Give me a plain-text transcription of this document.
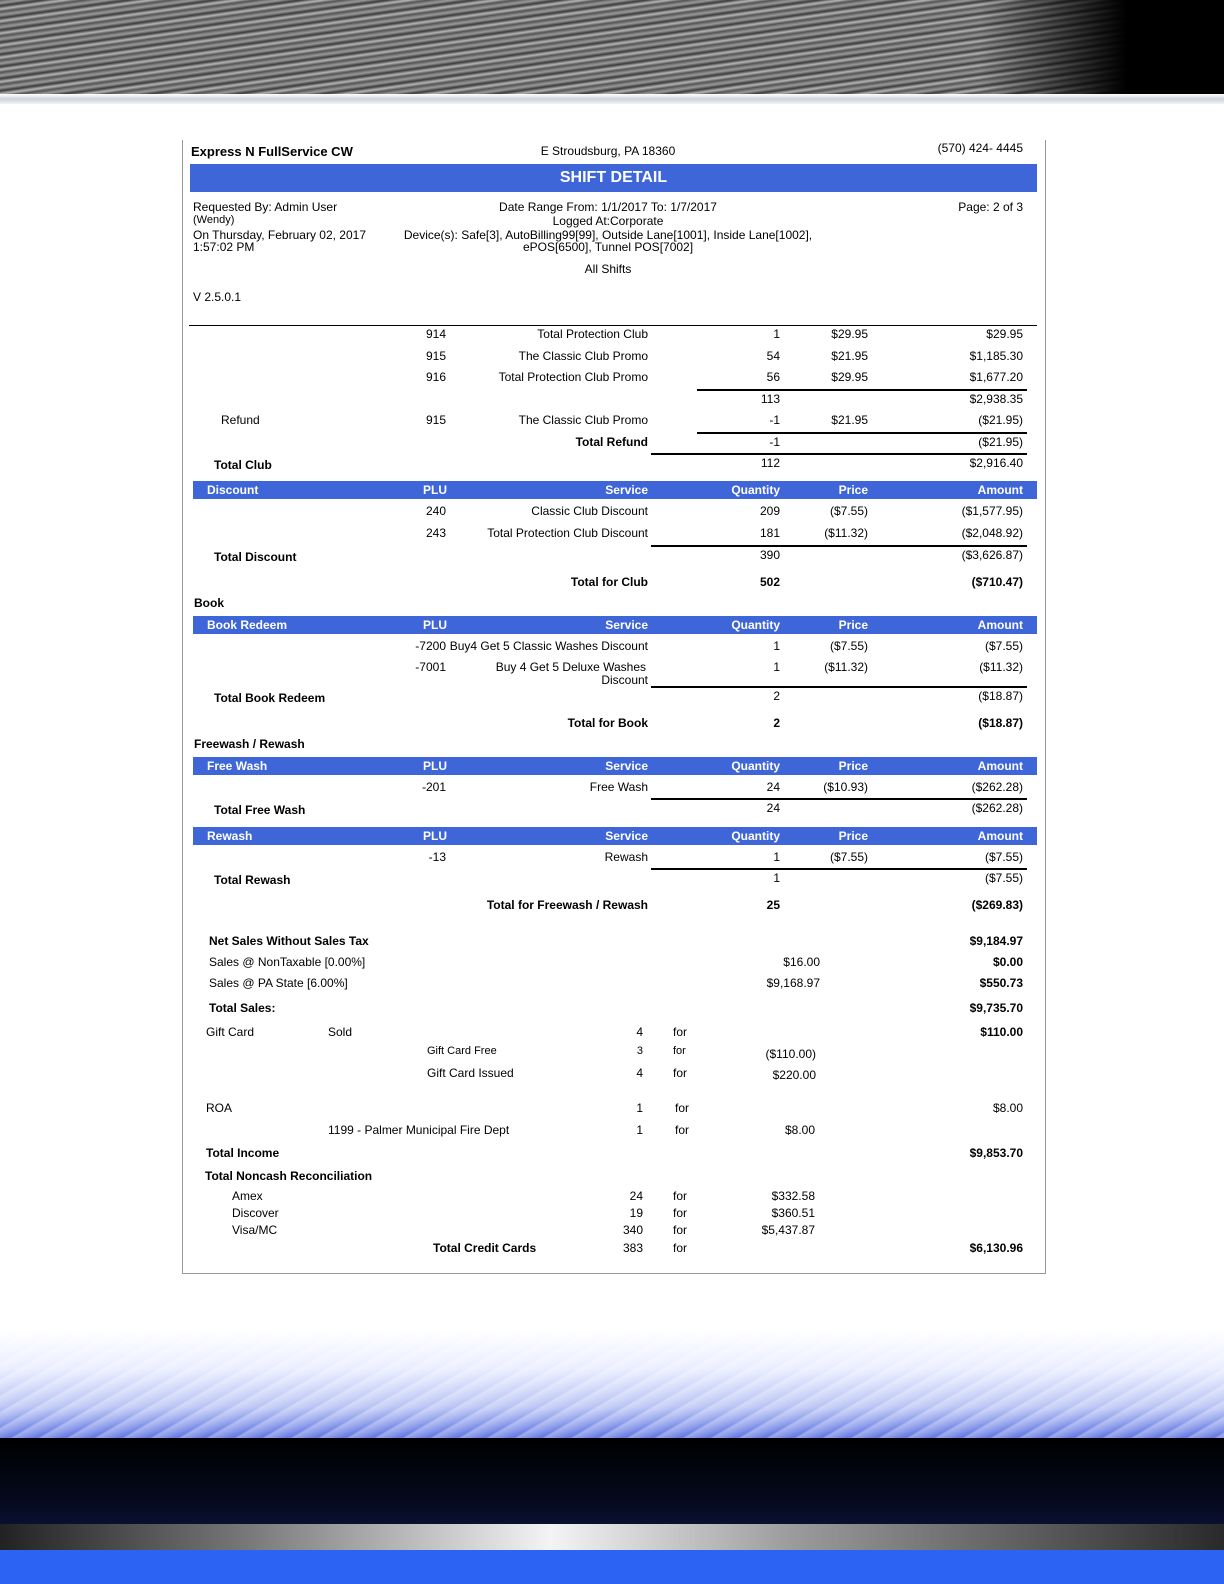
Express N FullService CW	E Stroudsburg, PA 18360	(570) 424- 4445
SHIFT DETAIL
Requested By: Admin User
(Wendy)
On Thursday, February 02, 2017
1:57:02 PM
Date Range From: 1/1/2017 To: 1/7/2017
Logged At:Corporate
Device(s): Safe[3], AutoBilling99[99], Outside Lane[1001], Inside Lane[1002],
ePOS[6500], Tunnel POS[7002]
All Shifts
Page: 2 of 3
V 2.5.0.1
914	Total Protection Club	1	$29.95	$29.95
915	The Classic Club Promo	54	$21.95	$1,185.30
916	Total Protection Club Promo	56	$29.95	$1,677.20
113	$2,938.35
Refund	915	The Classic Club Promo	-1	$21.95	($21.95)
Total Refund	-1	($21.95)
Total Club	112	$2,916.40
Discount	PLU	Service	Quantity	Price	Amount
240	Classic Club Discount	209	($7.55)	($1,577.95)
243	Total Protection Club Discount	181	($11.32)	($2,048.92)
Total Discount	390	($3,626.87)
Total for Club	502	($710.47)
Book
Book Redeem	PLU	Service	Quantity	Price	Amount
-7200 Buy4 Get 5 Classic Washes Discount	1	($7.55)	($7.55)
-7001	Buy 4 Get 5 Deluxe Washes
Discount
1	($11.32)	($11.32)
Total Book Redeem	2	($18.87)
Total for Book	2	($18.87)
Freewash / Rewash
Free Wash	PLU	Service	Quantity	Price	Amount
-201	Free Wash	24	($10.93)	($262.28)
Total Free Wash	24	($262.28)
Rewash	PLU	Service	Quantity	Price	Amount
-13	Rewash	1	($7.55)	($7.55)
Total Rewash	1	($7.55)
Total for Freewash / Rewash	25	($269.83)
Net Sales Without Sales Tax	$9,184.97
Sales @ NonTaxable [0.00%]	$16.00	$0.00
Sales @ PA State [6.00%]	$9,168.97	$550.73
Total Sales:	$9,735.70
Gift Card	Sold	4	for	$110.00
Gift Card Free	3	for	($110.00)
Gift Card Issued	4	for	$220.00
ROA	1	for	$8.00
1199 - Palmer Municipal Fire Dept	1	for	$8.00
Total Income	$9,853.70
Total Noncash Reconciliation
Amex	24	for	$332.58
Discover	19	for	$360.51
Visa/MC	340	for	$5,437.87
Total Credit Cards	383	for	$6,130.96
